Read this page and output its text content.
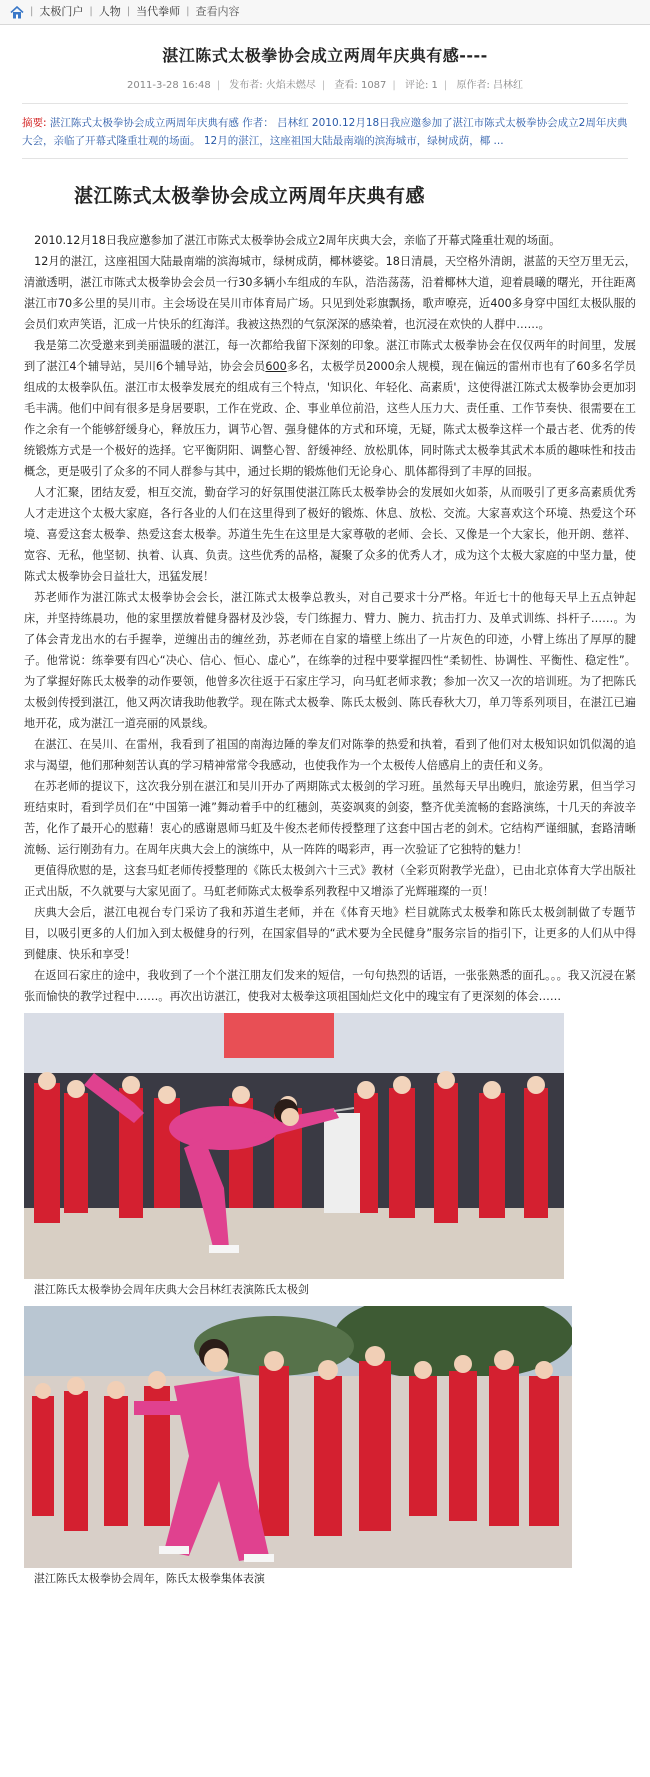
| 太极门户 | 人物 | 当代拳师 | 查看内容
湛江陈式太极拳协会成立两周年庆典有感----
2011-3-28 16:48 | 发布者: 火焰未燃尽 | 查看: 1087 | 评论: 1 | 原作者: 吕林红
摘要: 湛江陈式太极拳协会成立两周年庆典有感 作者： 吕林红 2010.12月18日我应邀参加了湛江市陈式太极拳协会成立2周年庆典大会，亲临了开幕式隆重壮观的场面。 12月的湛江，这座祖国大陆最南端的滨海城市，绿树成荫，椰 ...
湛江陈式太极拳协会成立两周年庆典有感

2010.12月18日我应邀参加了湛江市陈式太极拳协会成立2周年庆典大会，亲临了开幕式隆重壮观的场面。

12月的湛江，这座祖国大陆最南端的滨海城市，绿树成荫，椰林婆娑。18日清晨，天空格外清朗，湛蓝的天空万里无云，清澈透明，湛江市陈式太极拳协会会员一行30多辆小车组成的车队，浩浩荡荡，沿着椰林大道，迎着晨曦的曙光，开往距离湛江市70多公里的吴川市。主会场设在吴川市体育局广场。只见到处彩旗飘扬，歌声嘹亮，近400多身穿中国红太极队服的会员们欢声笑语，汇成一片快乐的红海洋。我被这热烈的气氛深深的感染着，也沉浸在欢快的人群中……。

我是第二次受邀来到美丽温暖的湛江，每一次都给我留下深刻的印象。湛江市陈式太极拳协会在仅仅两年的时间里，发展到了湛江4个辅导站，吴川6个辅导站，协会会员600多名，太极学员2000余人规模，现在偏远的雷州市也有了60多名学员组成的太极拳队伍。湛江市太极拳发展充的组成有三个特点，'知识化、年轻化、高素质'，这使得湛江陈式太极拳协会更加羽毛丰满。他们中间有很多是身居要职，工作在党政、企、事业单位前沿，这些人压力大、责任重、工作节奏快、很需要在工作之余有一个能够舒缓身心，释放压力，调节心智、强身健体的方式和环境，无疑，陈式太极拳这样一个最古老、优秀的传统锻炼方式是一个极好的选择。它平衡阴阳、调整心智、舒缓神经、放松肌体，同时陈式太极拳其武术本质的趣味性和技击概念，更是吸引了众多的不同人群参与其中，通过长期的锻炼他们无论身心、肌体都得到了丰厚的回报。

人才汇聚，团结友爱，相互交流，勤奋学习的好氛围使湛江陈氏太极拳协会的发展如火如荼，从而吸引了更多高素质优秀人才走进这个太极大家庭，各行各业的人们在这里得到了极好的锻炼、休息、放松、交流。大家喜欢这个环境、热爱这个环境、喜爱这套太极拳、热爱这套太极拳。苏道生先生在这里是大家尊敬的老师、会长、又像是一个大家长，他开朗、慈祥、宽容、无私，他坚韧、执着、认真、负责。这些优秀的品格，凝聚了众多的优秀人才，成为这个太极大家庭的中坚力量，使陈式太极拳协会日益壮大，迅猛发展！

苏老师作为湛江陈式太极拳协会会长，湛江陈式太极拳总教头，对自己要求十分严格。年近七十的他每天早上五点钟起床，并坚持练晨功，他的家里摆放着健身器材及沙袋，专门练握力、臂力、腕力、抗击打力、及单式训练、抖杆子……。为了体会青龙出水的右手握拳，逆缠出击的缠丝劲，苏老师在自家的墙壁上练出了一片灰色的印迹，小臂上练出了厚厚的腱子。他常说：练拳要有四心“决心、信心、恒心、虚心”，在练拳的过程中要掌握四性“柔韧性、协调性、平衡性、稳定性”。为了掌握好陈氏太极拳的动作要领，他曾多次往返于石家庄学习，向马虹老师求教；参加一次又一次的培训班。为了把陈氏太极剑传授到湛江，他又两次请我助他教学。现在陈式太极拳、陈氏太极剑、陈氏春秋大刀，单刀等系列项目，在湛江已遍地开花，成为湛江一道亮丽的风景线。

在湛江、在吴川、在雷州，我看到了祖国的南海边陲的拳友们对陈拳的热爱和执着，看到了他们对太极知识如饥似渴的追求与渴望，他们那种刻苦认真的学习精神常常令我感动，也使我作为一个太极传人倍感肩上的责任和义务。

在苏老师的提议下，这次我分别在湛江和吴川开办了两期陈式太极剑的学习班。虽然每天早出晚归，旅途劳累，但当学习班结束时，看到学员们在“中国第一滩”舞动着手中的红穗剑，英姿飒爽的剑姿，整齐优美流畅的套路演练，十几天的奔波辛苦，化作了最开心的慰藉！衷心的感谢恩师马虹及牛俊杰老师传授整理了这套中国古老的剑术。它结构严谨细腻，套路清晰流畅、运行刚劲有力。在周年庆典大会上的演练中，从一阵阵的喝彩声，再一次验证了它独特的魅力！

更值得欣慰的是，这套马虹老师传授整理的《陈氏太极剑六十三式》教材（全彩页附教学光盘），已由北京体育大学出版社正式出版，不久就要与大家见面了。马虹老师陈式太极拳系列教程中又增添了光辉璀璨的一页！

庆典大会后，湛江电视台专门采访了我和苏道生老师，并在《体育天地》栏目就陈式太极拳和陈氏太极剑制做了专题节目，以吸引更多的人们加入到太极健身的行列，在国家倡导的“武术要为全民健身”服务宗旨的指引下，让更多的人们从中得到健康、快乐和享受！

在返回石家庄的途中，我收到了一个个湛江朋友们发来的短信，一句句热烈的话语，一张张熟悉的面孔。。。我又沉浸在紧张而愉快的教学过程中……。再次出访湛江，使我对太极拳这项祖国灿烂文化中的瑰宝有了更深刻的体会……

湛江陈氏太极拳协会周年庆典大会吕林红表演陈氏太极剑

湛江陈氏太极拳协会周年，陈氏太极拳集体表演
